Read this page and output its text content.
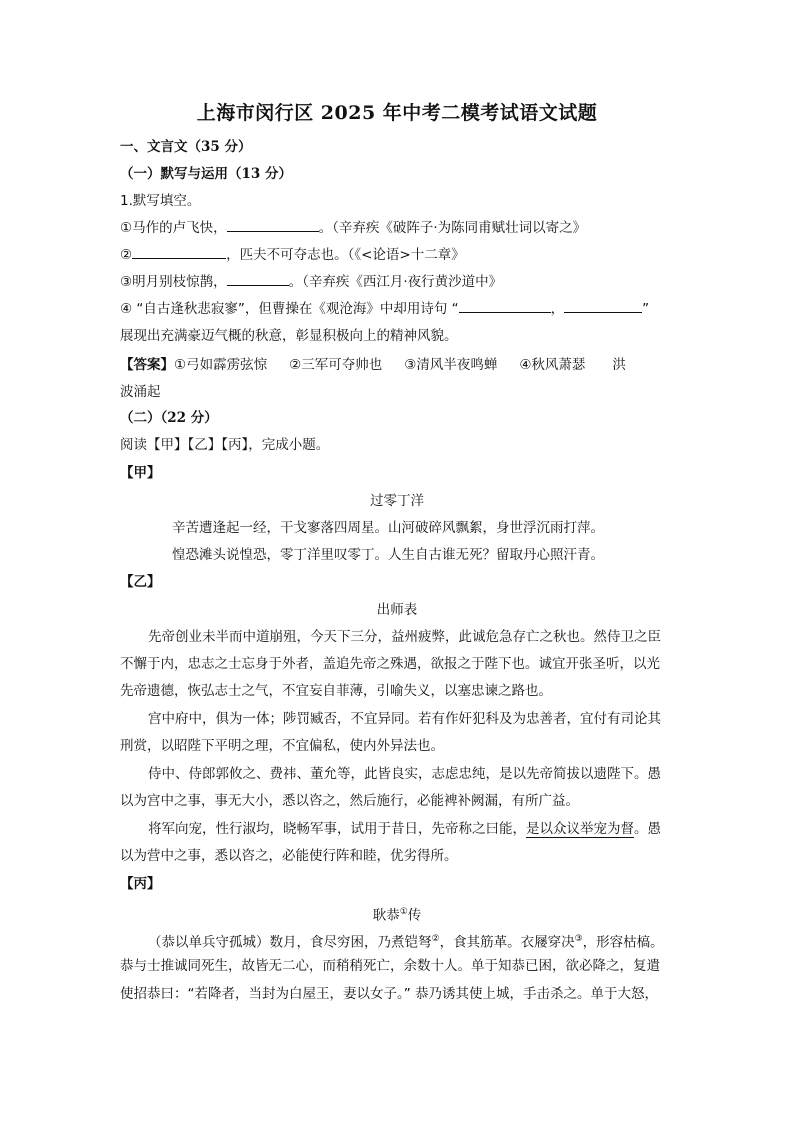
上海市闵行区 2025 年中考二模考试语文试题
一、文言文（35 分）
（一）默写与运用（13 分）
1.默写填空。
①马作的卢飞快，	。（辛弃疾《破阵子·为陈同甫赋壮词以寄之》
②	，匹夫不可夺志也。（《<论语>十二章》
③明月别枝惊鹊，	。（辛弃疾《西江月·夜行黄沙道中》
④ “自古逢秋悲寂寥”，但曹操在《观沧海》中却用诗句 “	，	”
展现出充满豪迈气概的秋意，彰显积极向上的精神风貌。
【答案】①弓如霹雳弦惊 ②三军可夺帅也 ③清风半夜鸣蝉 ④秋风萧瑟　　洪
波涌起
（二）（22 分）
阅读【甲】【乙】【丙】，完成小题。
【甲】
过零丁洋
辛苦遭逢起一经，干戈寥落四周星。山河破碎风飘絮，身世浮沉雨打萍。
惶恐滩头说惶恐，零丁洋里叹零丁。人生自古谁无死？留取丹心照汗青。
【乙】
出师表
先帝创业未半而中道崩殂，今天下三分，益州疲弊，此诚危急存亡之秋也。然侍卫之臣
不懈于内，忠志之士忘身于外者，盖追先帝之殊遇，欲报之于陛下也。诚宜开张圣听，以光
先帝遗德，恢弘志士之气，不宜妄自菲薄，引喻失义，以塞忠谏之路也。
宫中府中，俱为一体；陟罚臧否，不宜异同。若有作奸犯科及为忠善者，宜付有司论其
刑赏，以昭陛下平明之理，不宜偏私，使内外异法也。
侍中、侍郎郭攸之、费祎、董允等，此皆良实，志虑忠纯，是以先帝简拔以遗陛下。愚
以为宫中之事，事无大小，悉以咨之，然后施行，必能裨补阙漏，有所广益。
将军向宠，性行淑均，晓畅军事，试用于昔日，先帝称之曰能，是以众议举宠为督。愚
以为营中之事，悉以咨之，必能使行阵和睦，优劣得所。
【丙】
耿恭①传
（恭以单兵守孤城）数月，食尽穷困，乃煮铠弩②，食其筋革。衣屦穿决③，形容枯槁。
恭与士推诚同死生，故皆无二心，而稍稍死亡，余数十人。单于知恭已困，欲必降之，复遣
使招恭曰：“若降者，当封为白屋王，妻以女子。” 恭乃诱其使上城，手击杀之。单于大怒，
